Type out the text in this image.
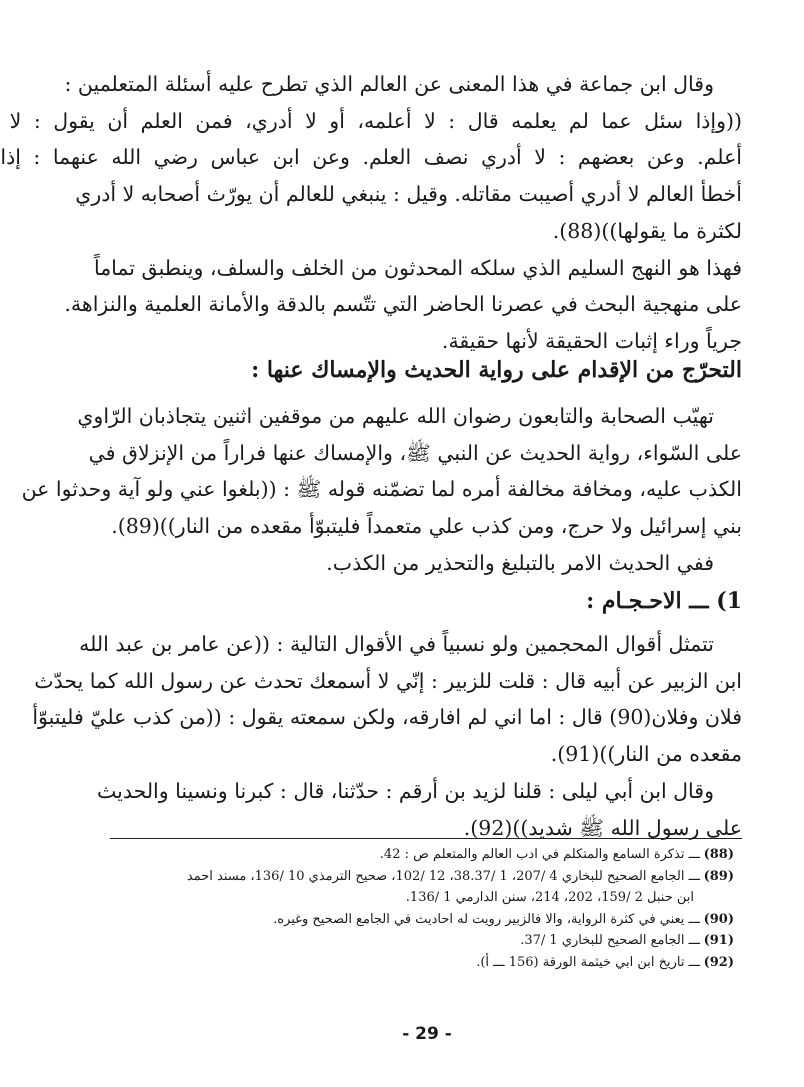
وقال ابن جماعة في هذا المعنى عن العالم الذي تطرح عليه أسئلة المتعلمين :
((وإذا سئل عما لم يعلمه قال : لا أعلمه، أو لا أدري، فمن العلم أن يقول : لا
أعلم. وعن بعضهم : لا أدري نصف العلم. وعن ابن عباس رضي الله عنهما : إذا
أخطأ العالم لا أدري أصيبت مقاتله. وقيل : ينبغي للعالم أن يورّث أصحابه لا أدري
لكثرة ما يقولها))(88).
فهذا هو النهج السليم الذي سلكه المحدثون من الخلف والسلف، وينطبق تماماً
على منهجية البحث في عصرنا الحاضر التي تتّسم بالدقة والأمانة العلمية والنزاهة.
جرياً وراء إثبات الحقيقة لأنها حقيقة.
التحرّج من الإقدام على رواية الحديث والإمساك عنها :
تهيّب الصحابة والتابعون رضوان الله عليهم من موقفين اثنين يتجاذبان الرّاوي
على السّواء، رواية الحديث عن النبي ﷺ، والإمساك عنها فراراً من الإنزلاق في
الكذب عليه، ومخافة مخالفة أمره لما تضمّنه قوله ﷺ : ((بلغوا عني ولو آية وحدثوا عن
بني إسرائيل ولا حرج، ومن كذب علي متعمداً فليتبوّأ مقعده من النار))(89).
ففي الحديث الامر بالتبليغ والتحذير من الكذب.
1) ـــ الاحـجـام :
تتمثل أقوال المحجمين ولو نسبياً في الأقوال التالية : ((عن عامر بن عبد الله
ابن الزبير عن أبيه قال : قلت للزبير : إنّي لا أسمعك تحدث عن رسول الله كما يحدّث
فلان وفلان(90) قال : اما اني لم افارقه، ولكن سمعته يقول : ((من كذب عليّ فليتبوّأ
مقعده من النار))(91).
وقال ابن أبي ليلى : قلنا لزيد بن أرقم : حدّثنا، قال : كبرنا ونسينا والحديث
على رسول الله ﷺ شديد))(92).
(88)ـــ تذكرة السامع والمتكلم في ادب العالم والمتعلم ص : 42.
(89)ـــ الجامع الصحيح للبخاري 4 /207، 1 /38.37، 12 /102، صحيح الترمذي 10 /136، مسند احمد
ابن حنبل 2 /159، 202، 214، سنن الدارمي 1 /136.
(90)ـــ يعني في كثرة الرواية، والا فالزبير رويت له احاديث في الجامع الصحيح وغيره.
(91)ـــ الجامع الصحيح للبخاري 1 /37.
(92)ـــ تاريخ ابن ابي خيثمة الورقة (156 ـــ أ).
- 29 -
